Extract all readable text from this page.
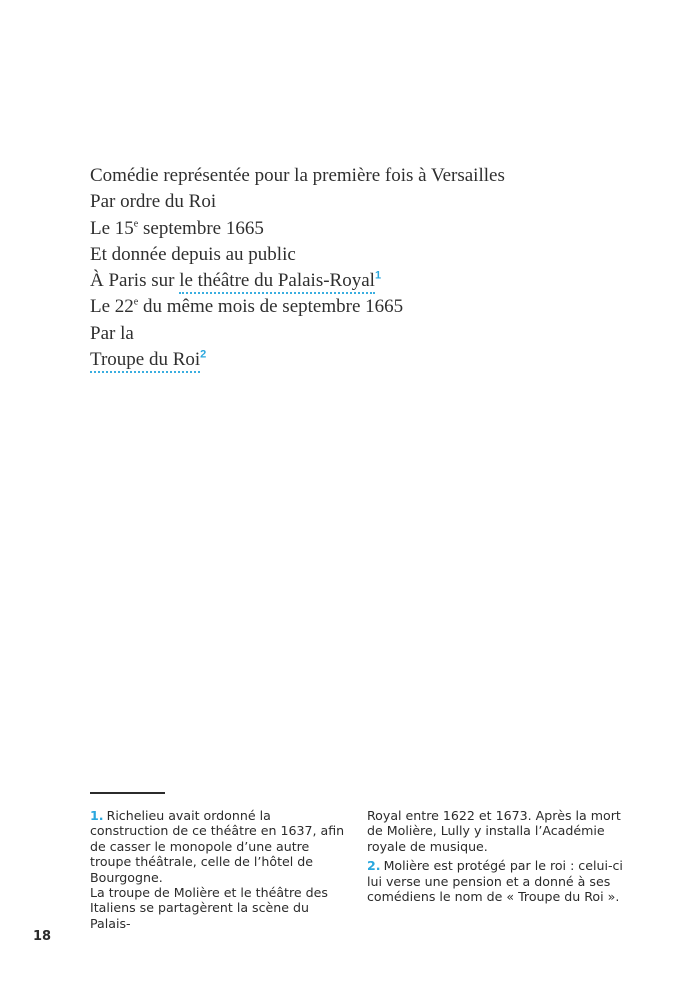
Comédie représentée pour la première fois à Versailles
Par ordre du Roi
Le 15e septembre 1665
Et donnée depuis au public
À Paris sur le théâtre du Palais-Royal$^1$
Le 22e du même mois de septembre 1665
Par la
Troupe du Roi$^2$

1. Richelieu avait ordonné la construction de ce théâtre en 1637, afin de casser le monopole d’une autre troupe théâtrale, celle de l’hôtel de Bourgogne.

La troupe de Molière et le théâtre des Italiens se partagèrent la scène du Palais-

Royal entre 1622 et 1673. Après la mort de Molière, Lully y installa l’Académie royale de musique.

2. Molière est protégé par le roi : celui-ci lui verse une pension et a donné à ses comédiens le nom de « Troupe du Roi ».

18
